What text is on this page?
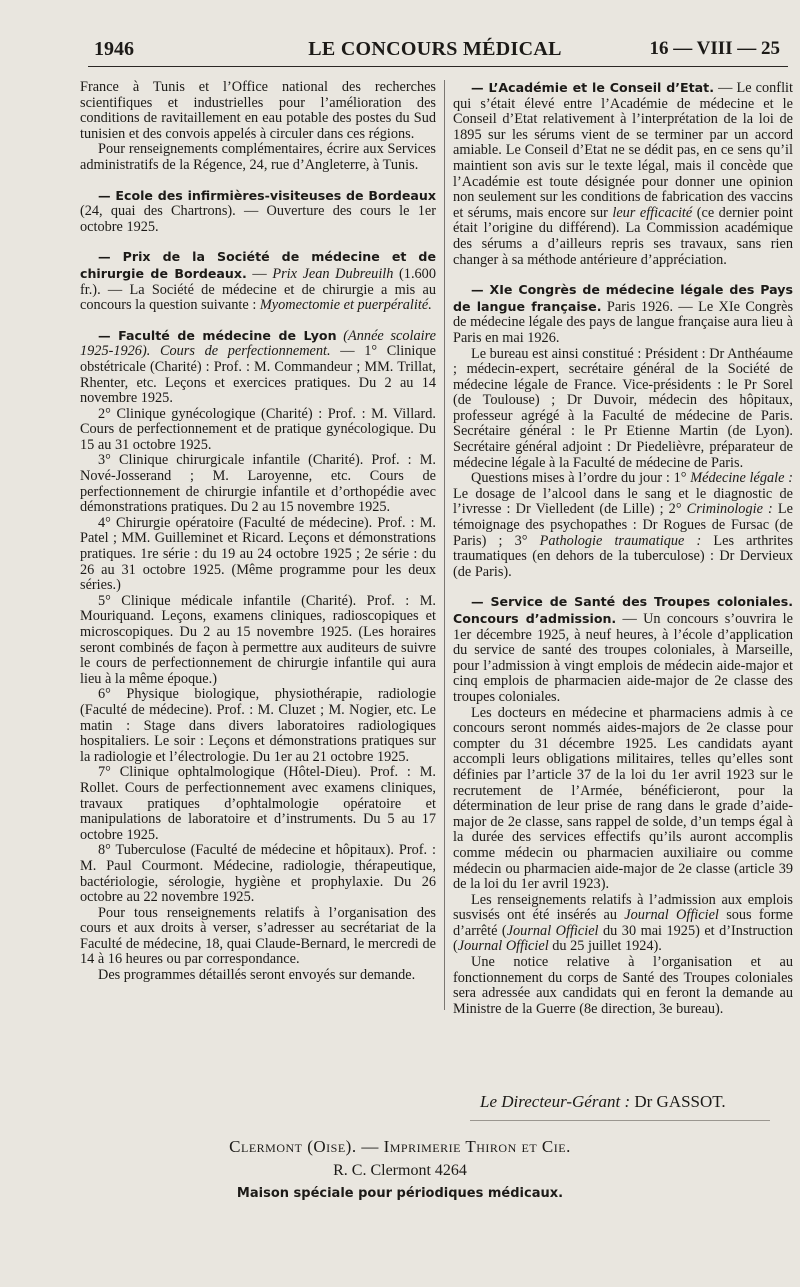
1946	LE CONCOURS MÉDICAL	16 — VIII — 25

France à Tunis et l’Office national des recherches scientifiques et industrielles pour l’amélioration des conditions de ravitaillement en eau potable des postes du Sud tunisien et des convois appelés à circuler dans ces régions.

Pour renseignements complémentaires, écrire aux Services administratifs de la Régence, 24, rue d’Angleterre, à Tunis.

— Ecole des infirmières-visiteuses de Bordeaux (24, quai des Chartrons). — Ouverture des cours le 1er octobre 1925.

— Prix de la Société de médecine et de chirurgie de Bordeaux. — Prix Jean Dubreuilh (1.600 fr.). — La Société de médecine et de chirurgie a mis au concours la question suivante : Myomectomie et puerpéralité.

— Faculté de médecine de Lyon (Année scolaire 1925-1926). Cours de perfectionnement. — 1° Clinique obstétricale (Charité) : Prof. : M. Commandeur ; MM. Trillat, Rhenter, etc. Leçons et exercices pratiques. Du 2 au 14 novembre 1925.

2° Clinique gynécologique (Charité) : Prof. : M. Villard. Cours de perfectionnement et de pratique gynécologique. Du 15 au 31 octobre 1925.

3° Clinique chirurgicale infantile (Charité). Prof. : M. Nové-Josserand ; M. Laroyenne, etc. Cours de perfectionnement de chirurgie infantile et d’orthopédie avec démonstrations pratiques. Du 2 au 15 novembre 1925.

4° Chirurgie opératoire (Faculté de médecine). Prof. : M. Patel ; MM. Guilleminet et Ricard. Leçons et démonstrations pratiques. 1re série : du 19 au 24 octobre 1925 ; 2e série : du 26 au 31 octobre 1925. (Même programme pour les deux séries.)

5° Clinique médicale infantile (Charité). Prof. : M. Mouriquand. Leçons, examens cliniques, radioscopiques et microscopiques. Du 2 au 15 novembre 1925. (Les horaires seront combinés de façon à permettre aux auditeurs de suivre le cours de perfectionnement de chirurgie infantile qui aura lieu à la même époque.)

6° Physique biologique, physiothérapie, radiologie (Faculté de médecine). Prof. : M. Cluzet ; M. Nogier, etc. Le matin : Stage dans divers laboratoires radiologiques hospitaliers. Le soir : Leçons et démonstrations pratiques sur la radiologie et l’électrologie. Du 1er au 21 octobre 1925.

7° Clinique ophtalmologique (Hôtel-Dieu). Prof. : M. Rollet. Cours de perfectionnement avec examens cliniques, travaux pratiques d’ophtalmologie opératoire et manipulations de laboratoire et d’instruments. Du 5 au 17 octobre 1925.

8° Tuberculose (Faculté de médecine et hôpitaux). Prof. : M. Paul Courmont. Médecine, radiologie, thérapeutique, bactériologie, sérologie, hygiène et prophylaxie. Du 26 octobre au 22 novembre 1925.

Pour tous renseignements relatifs à l’organisation des cours et aux droits à verser, s’adresser au secrétariat de la Faculté de médecine, 18, quai Claude-Bernard, le mercredi de 14 à 16 heures ou par correspondance.

Des programmes détaillés seront envoyés sur demande.

— L’Académie et le Conseil d’Etat. — Le conflit qui s’était élevé entre l’Académie de médecine et le Conseil d’Etat relativement à l’interprétation de la loi de 1895 sur les sérums vient de se terminer par un accord amiable. Le Conseil d’Etat ne se dédit pas, en ce sens qu’il maintient son avis sur le texte légal, mais il concède que l’Académie est toute désignée pour donner une opinion non seulement sur les conditions de fabrication des vaccins et sérums, mais encore sur leur efficacité (ce dernier point était l’origine du différend). La Commission académique des sérums a d’ailleurs repris ses travaux, sans rien changer à sa méthode antérieure d’appréciation.

— XIe Congrès de médecine légale des Pays de langue française. Paris 1926. — Le XIe Congrès de médecine légale des pays de langue française aura lieu à Paris en mai 1926.

Le bureau est ainsi constitué : Président : Dr Anthéaume ; médecin-expert, secrétaire général de la Société de médecine légale de France. Vice-présidents : le Pr Sorel (de Toulouse) ; Dr Duvoir, médecin des hôpitaux, professeur agrégé à la Faculté de médecine de Paris. Secrétaire général : le Pr Etienne Martin (de Lyon). Secrétaire général adjoint : Dr Piedelièvre, préparateur de médecine légale à la Faculté de médecine de Paris.

Questions mises à l’ordre du jour : 1° Médecine légale : Le dosage de l’alcool dans le sang et le diagnostic de l’ivresse : Dr Vielledent (de Lille) ; 2° Criminologie : Le témoignage des psychopathes : Dr Rogues de Fursac (de Paris) ; 3° Pathologie traumatique : Les arthrites traumatiques (en dehors de la tuberculose) : Dr Dervieux (de Paris).

— Service de Santé des Troupes coloniales. Concours d’admission. — Un concours s’ouvrira le 1er décembre 1925, à neuf heures, à l’école d’application du service de santé des troupes coloniales, à Marseille, pour l’admission à vingt emplois de médecin aide-major et cinq emplois de pharmacien aide-major de 2e classe des troupes coloniales.

Les docteurs en médecine et pharmaciens admis à ce concours seront nommés aides-majors de 2e classe pour compter du 31 décembre 1925. Les candidats ayant accompli leurs obligations militaires, telles qu’elles sont définies par l’article 37 de la loi du 1er avril 1923 sur le recrutement de l’Armée, bénéficieront, pour la détermination de leur prise de rang dans le grade d’aide-major de 2e classe, sans rappel de solde, d’un temps égal à la durée des services effectifs qu’ils auront accomplis comme médecin ou pharmacien auxiliaire ou comme médecin ou pharmacien aide-major de 2e classe (article 39 de la loi du 1er avril 1923).

Les renseignements relatifs à l’admission aux emplois susvisés ont été insérés au Journal Officiel sous forme d’arrêté (Journal Officiel du 30 mai 1925) et d’Instruction (Journal Officiel du 25 juillet 1924).

Une notice relative à l’organisation et au fonctionnement du corps de Santé des Troupes coloniales sera adressée aux candidats qui en feront la demande au Ministre de la Guerre (8e direction, 3e bureau).

Le Directeur-Gérant : Dr GASSOT.
Clermont (Oise). — Imprimerie Thiron et Cie.
R. C. Clermont 4264
Maison spéciale pour périodiques médicaux.
